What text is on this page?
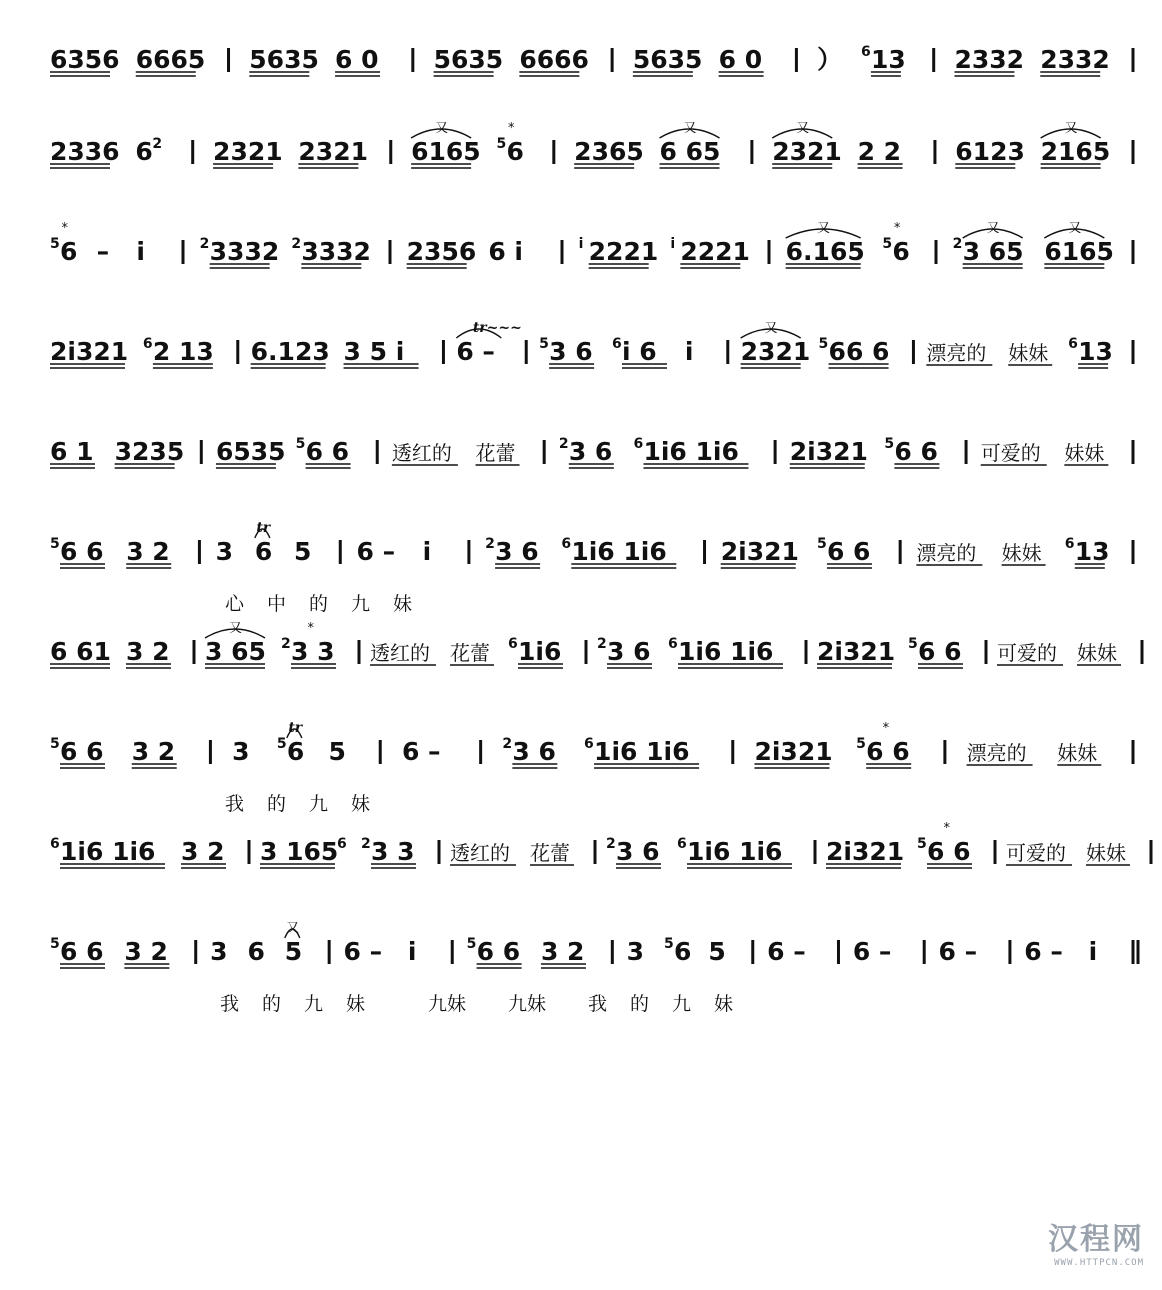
6356 6665 5635 6 0 5635 6666 5635 6 0 ） 6 13 2332 2332
2336 6 2 2321 2321 6165
又
5 6
*
2365 6 65
又
2321
又
2 2 6123 2165
又
5 6
*
– i	2 3332 2 3332 2356 6 i	i 2221 i 2221 6.165
又
5 6
*
2 3 65
又
6165
又
2i321 6 2 13 6.123 3 5 i 6 –
tr~~~
5 3 6 6 i 6 i 2321
又
5 66 6 漂亮的 妹妹 6 13
6 1 3235 6535 5 6 6 透红的 花蕾	2 3 6 6 1i6 1i6 2i321 5 6 6 可爱的 妹妹
5 6 6 3 2 3 6
tr
5 6 – i	2 3 6 6 1i6 1i6 2i321 5 6 6 漂亮的 妹妹 6 13
心 中 的 九 妹
6 61 3 2 3 65
又
2 3 3
*
透红的 花蕾 6 1i6	2 3 6 6 1i6 1i6 2i321 5 6 6 可爱的 妹妹
5 6 6 3 2 3 5 6
tr
5 6 –	2 3 6 6 1i6 1i6	2i321 5 6 6
*
漂亮的 妹妹
我 的 九 妹
6 1i6 1i6 3 2 3 165
6 2 3 3 透红的 花蕾	2 3 6 6 1i6 1i6 2i321 5 6 6
*
可爱的 妹妹
5 6 6 3 2 3 6 5
又
6 – i	5 6 6 3 2 3 5 6 5 6 – 6 – 6 – 6 – i
我 的 九 妹	九妹 九妹 我 的 九 妹
汉程网
WWW.HTTPCN.COM
